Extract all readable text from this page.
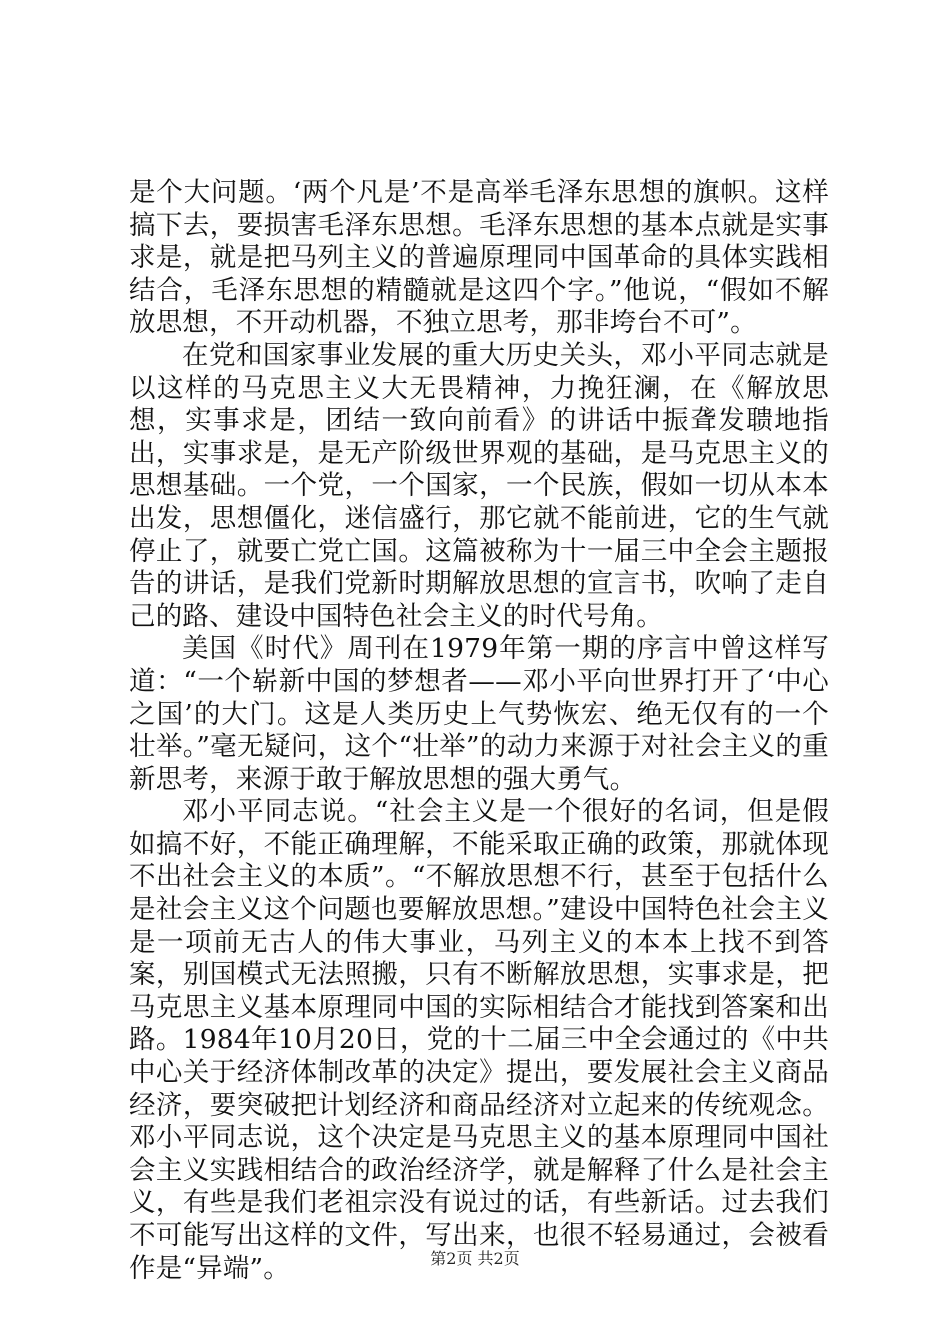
是个大问题。‘两个凡是’不是高举毛泽东思想的旗帜。这样搞下去，要损害毛泽东思想。毛泽东思想的基本点就是实事求是，就是把马列主义的普遍原理同中国革命的具体实践相结合，毛泽东思想的精髓就是这四个字。”他说，“假如不解放思想，不开动机器，不独立思考，那非垮台不可”。

在党和国家事业发展的重大历史关头，邓小平同志就是以这样的马克思主义大无畏精神，力挽狂澜，在《解放思想，实事求是，团结一致向前看》的讲话中振聋发聩地指出，实事求是，是无产阶级世界观的基础，是马克思主义的思想基础。一个党，一个国家，一个民族，假如一切从本本出发，思想僵化，迷信盛行，那它就不能前进，它的生气就停止了，就要亡党亡国。这篇被称为十一届三中全会主题报告的讲话，是我们党新时期解放思想的宣言书，吹响了走自己的路、建设中国特色社会主义的时代号角。

美国《时代》周刊在1979年第一期的序言中曾这样写道：“一个崭新中国的梦想者——邓小平向世界打开了‘中心之国’的大门。这是人类历史上气势恢宏、绝无仅有的一个壮举。”毫无疑问，这个“壮举”的动力来源于对社会主义的重新思考，来源于敢于解放思想的强大勇气。

邓小平同志说。“社会主义是一个很好的名词，但是假如搞不好，不能正确理解，不能采取正确的政策，那就体现不出社会主义的本质”。“不解放思想不行，甚至于包括什么是社会主义这个问题也要解放思想。”建设中国特色社会主义是一项前无古人的伟大事业，马列主义的本本上找不到答案，别国模式无法照搬，只有不断解放思想，实事求是，把马克思主义基本原理同中国的实际相结合才能找到答案和出路。1984年10月20日，党的十二届三中全会通过的《中共中心关于经济体制改革的决定》提出，要发展社会主义商品经济，要突破把计划经济和商品经济对立起来的传统观念。邓小平同志说，这个决定是马克思主义的基本原理同中国社会主义实践相结合的政治经济学，就是解释了什么是社会主义，有些是我们老祖宗没有说过的话，有些新话。过去我们不可能写出这样的文件，写出来，也很不轻易通过，会被看作是“异端”。	第2页 共2页
